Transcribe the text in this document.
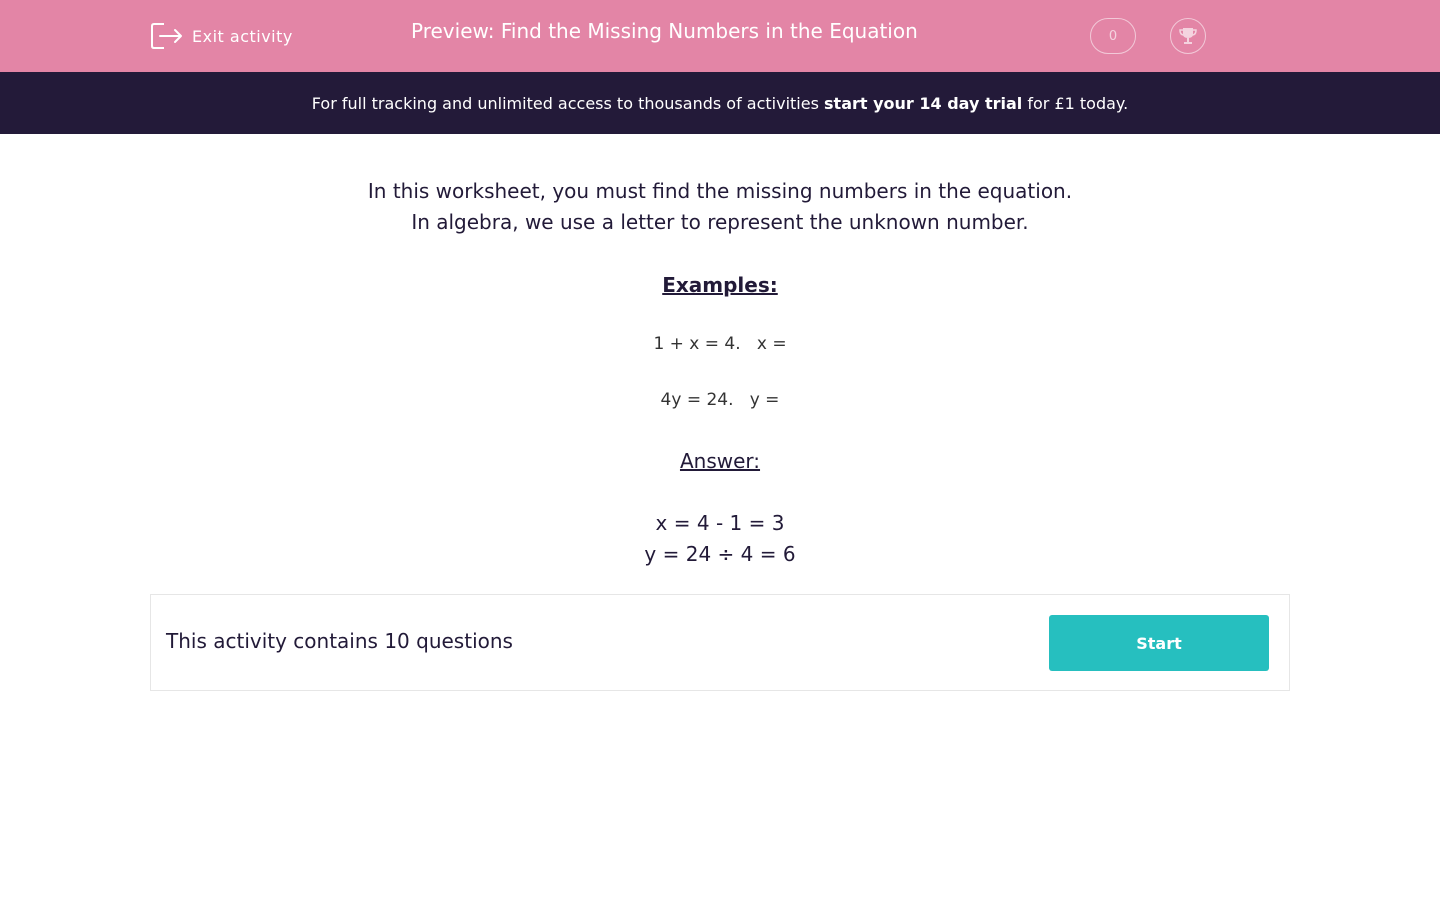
Exit activity	Preview: Find the Missing Numbers in the Equation	0
For full tracking and unlimited access to thousands of activities start your 14 day trial for £1 today.
In this worksheet, you must find the missing numbers in the equation.
In algebra, we use a letter to represent the unknown number.
Examples:
1 + x = 4.   x =
4y = 24.   y =
Answer:
x = 4 - 1 = 3
y = 24 ÷ 4 = 6
This activity contains 10 questions	Start
